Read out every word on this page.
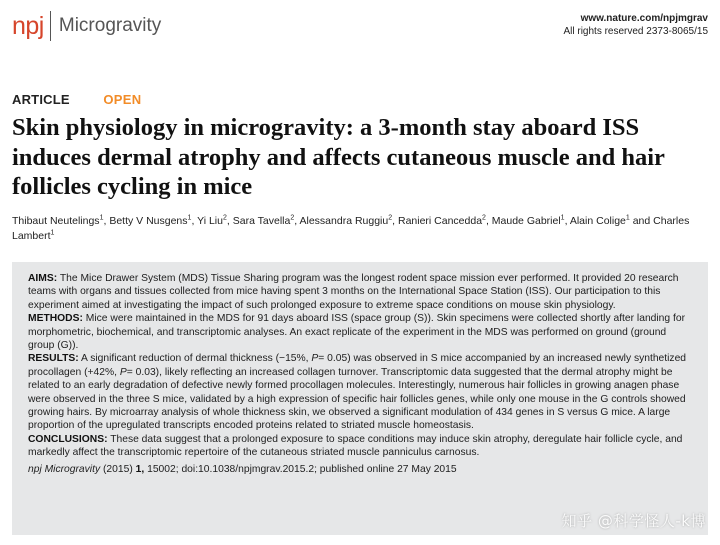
npj Microgravity	www.nature.com/npjmgrav
All rights reserved 2373-8065/15
ARTICLE	OPEN
Skin physiology in microgravity: a 3-month stay aboard ISS induces dermal atrophy and affects cutaneous muscle and hair follicles cycling in mice
Thibaut Neutelings$^1$, Betty V Nusgens$^1$, Yi Liu$^2$, Sara Tavella$^2$, Alessandra Ruggiu$^2$, Ranieri Cancedda$^2$, Maude Gabriel$^1$, Alain Colige$^1$ and Charles Lambert$^1$

AIMS: The Mice Drawer System (MDS) Tissue Sharing program was the longest rodent space mission ever performed. It provided 20 research teams with organs and tissues collected from mice having spent 3 months on the International Space Station (ISS). Our participation to this experiment aimed at investigating the impact of such prolonged exposure to extreme space conditions on mouse skin physiology.

METHODS: Mice were maintained in the MDS for 91 days aboard ISS (space group (S)). Skin specimens were collected shortly after landing for morphometric, biochemical, and transcriptomic analyses. An exact replicate of the experiment in the MDS was performed on ground (ground group (G)).

RESULTS: A significant reduction of dermal thickness (−15%, P= 0.05) was observed in S mice accompanied by an increased newly synthetized procollagen (+42%, P= 0.03), likely reflecting an increased collagen turnover. Transcriptomic data suggested that the dermal atrophy might be related to an early degradation of defective newly formed procollagen molecules. Interestingly, numerous hair follicles in growing anagen phase were observed in the three S mice, validated by a high expression of specific hair follicles genes, while only one mouse in the G controls showed growing hairs. By microarray analysis of whole thickness skin, we observed a significant modulation of 434 genes in S versus G mice. A large proportion of the upregulated transcripts encoded proteins related to striated muscle homeostasis.

CONCLUSIONS: These data suggest that a prolonged exposure to space conditions may induce skin atrophy, deregulate hair follicle cycle, and markedly affect the transcriptomic repertoire of the cutaneous striated muscle panniculus carnosus.

npj Microgravity (2015) 1, 15002; doi:10.1038/npjmgrav.2015.2; published online 27 May 2015

知乎 @科学怪人-k博
